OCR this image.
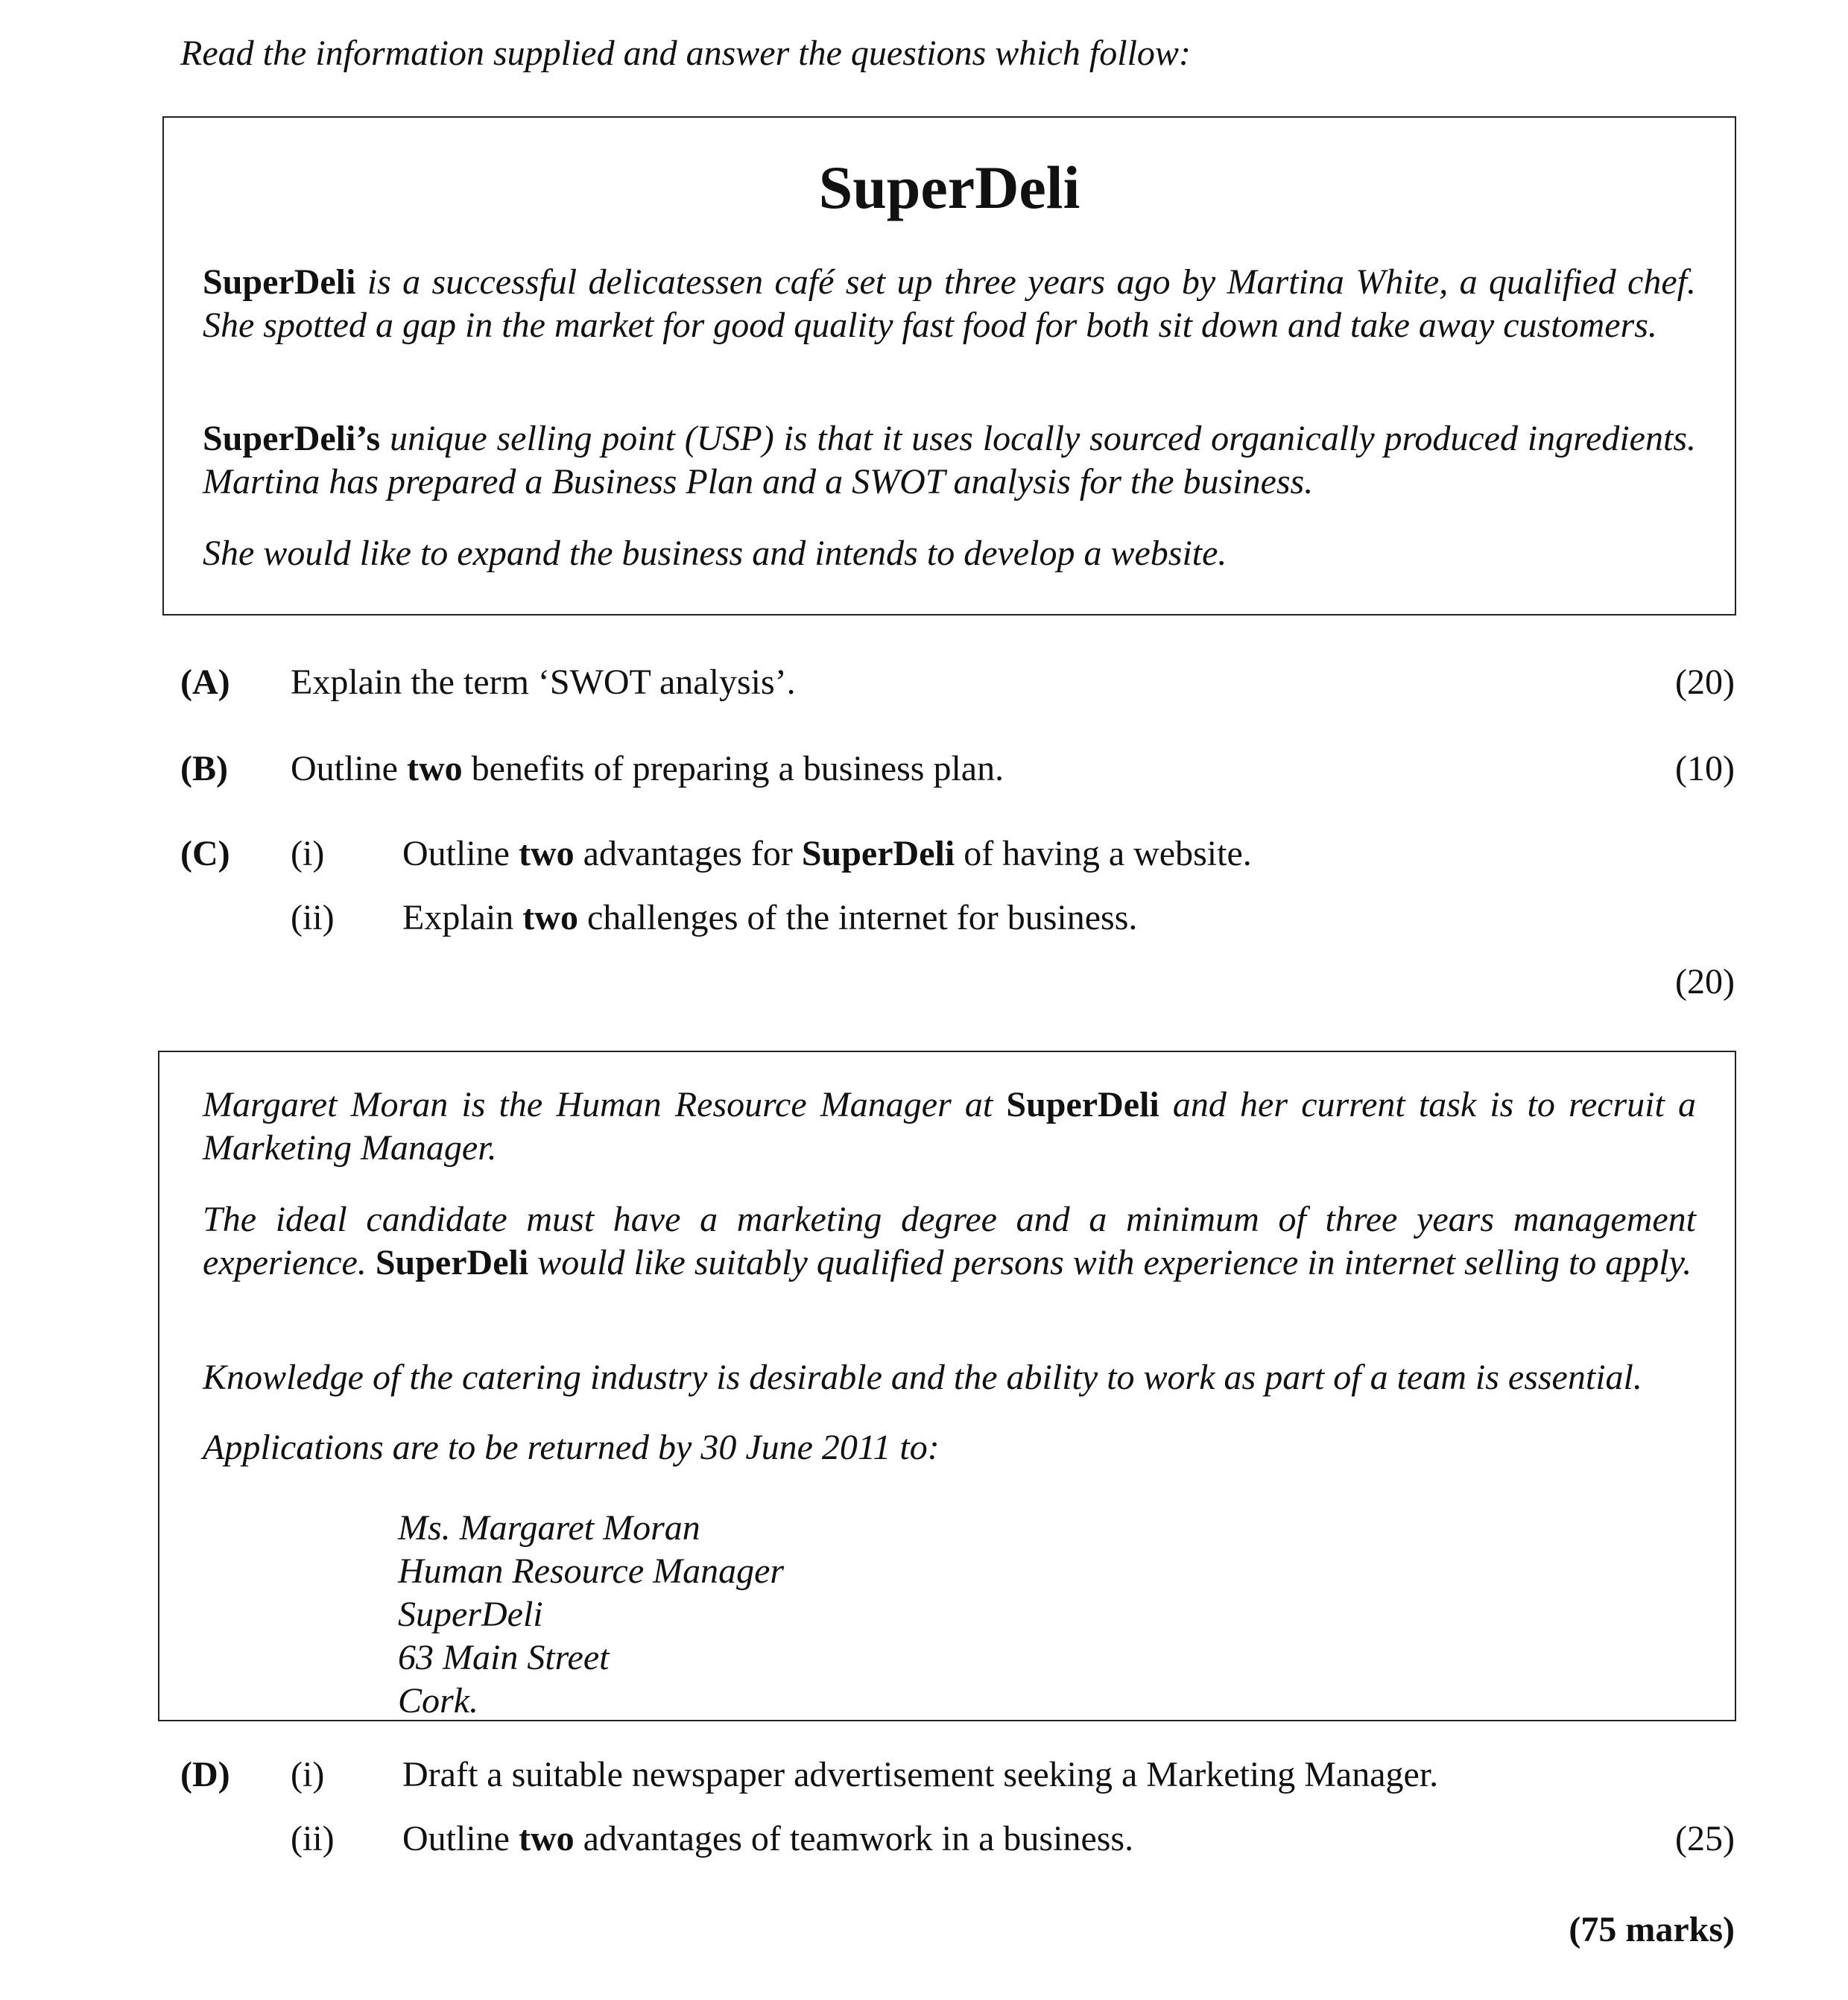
Read the information supplied and answer the questions which follow:
SuperDeli
SuperDeli is a successful delicatessen café set up three years ago by Martina White, a qualified chef. She spotted a gap in the market for good quality fast food for both sit down and take away customers.
SuperDeli’s unique selling point (USP) is that it uses locally sourced organically produced ingredients. Martina has prepared a Business Plan and a SWOT analysis for the business.
She would like to expand the business and intends to develop a website.
(A) Explain the term ‘SWOT analysis’.	(20)
(B) Outline two benefits of preparing a business plan.	(10)
(C) (i) Outline two advantages for SuperDeli of having a website.
(ii) Explain two challenges of the internet for business.
(20)
Margaret Moran is the Human Resource Manager at SuperDeli and her current task is to recruit a Marketing Manager.
The ideal candidate must have a marketing degree and a minimum of three years management experience. SuperDeli would like suitably qualified persons with experience in internet selling to apply.
Knowledge of the catering industry is desirable and the ability to work as part of a team is essential.
Applications are to be returned by 30 June 2011 to:
Ms. Margaret Moran
Human Resource Manager
SuperDeli
63 Main Street
Cork.
(D) (i) Draft a suitable newspaper advertisement seeking a Marketing Manager.
(ii) Outline two advantages of teamwork in a business.	(25)
(75 marks)
